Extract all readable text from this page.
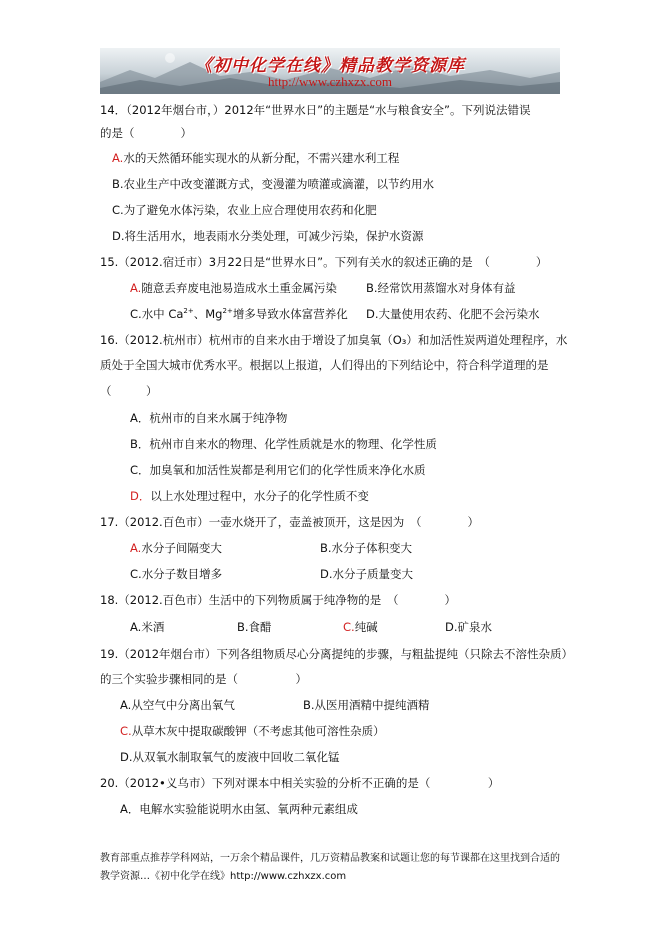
《初中化学在线》精品教学资源库
http://www.czhxzx.com
14．（2012年烟台市，）2012年“世界水日”的主题是“水与粮食安全”。下列说法错误
的是（　　　　）
A.水的天然循环能实现水的从新分配，不需兴建水利工程
B.农业生产中改变灌溉方式，变漫灌为喷灌或滴灌，以节约用水
C.为了避免水体污染，农业上应合理使用农药和化肥
D.将生活用水，地表雨水分类处理，可减少污染，保护水资源
15.（2012.宿迁市）3月22日是“世界水日”。下列有关水的叙述正确的是　（　　　　）
A.随意丢弃废电池易造成水土重金属污染	B.经常饮用蒸馏水对身体有益
C.水中 $Ca^{2+}$、$Mg^{2+}$增多导致水体富营养化 D.大量使用农药、化肥不会污染水
16.（2012.杭州市）杭州市的自来水由于增设了加臭氧（O₃）和加活性炭两道处理程序，水
质处于全国大城市优秀水平。根据以上报道，人们得出的下列结论中，符合科学道理的是
（　　　）
A．杭州市的自来水属于纯净物
B．杭州市自来水的物理、化学性质就是水的物理、化学性质
C．加臭氧和加活性炭都是利用它们的化学性质来净化水质
D．以上水处理过程中，水分子的化学性质不变
17.（2012.百色市）一壶水烧开了，壶盖被顶开，这是因为　（　　　　）
A.水分子间隔变大	B.水分子体积变大
C.水分子数目增多	D.水分子质量变大
18.（2012.百色市）生活中的下列物质属于纯净物的是　（　　　　）
A.米酒	B.食醋	C.纯碱	D.矿泉水
19.（2012年烟台市）下列各组物质尽心分离提纯的步骤，与粗盐提纯（只除去不溶性杂质）
的三个实验步骤相同的是（　　　　　）
A.从空气中分离出氧气	B.从医用酒精中提纯酒精
C.从草木灰中提取碳酸钾（不考虑其他可溶性杂质）
D.从双氧水制取氧气的废液中回收二氧化锰
20.（2012•义乌市）下列对课本中相关实验的分析不正确的是（　　　　　）
A．电解水实验能说明水由氢、氧两种元素组成
教育部重点推荐学科网站，一万余个精品课件，几万资精品教案和试题让您的每节课都在这里找到合适的
教学资源…《初中化学在线》http://www.czhxzx.com
